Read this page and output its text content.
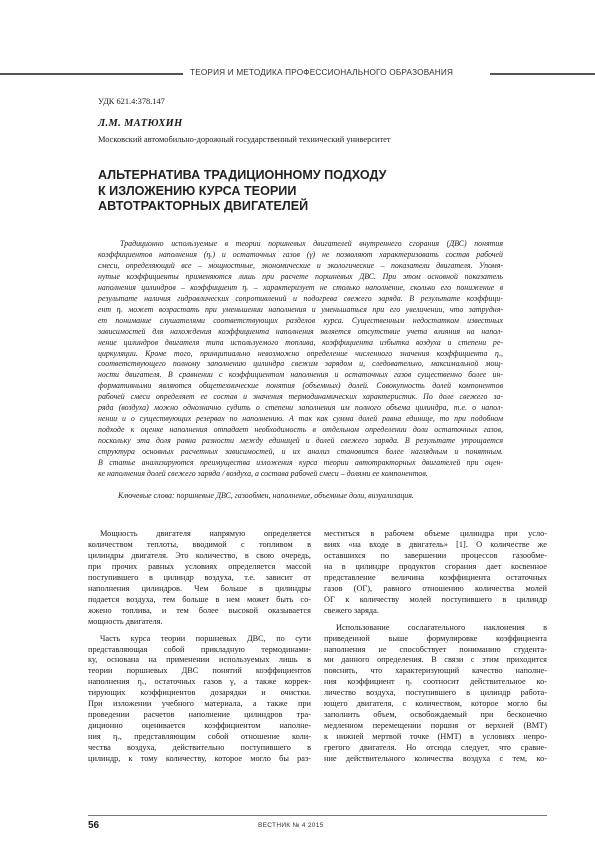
ТЕОРИЯ И МЕТОДИКА ПРОФЕССИОНАЛЬНОГО ОБРАЗОВАНИЯ
УДК 621.4:378.147
Л.М. МАТЮХИН
Московский автомобильно-дорожный государственный технический университет
АЛЬТЕРНАТИВА ТРАДИЦИОННОМУ ПОДХОДУ
К ИЗЛОЖЕНИЮ КУРСА ТЕОРИИ
АВТОТРАКТОРНЫХ ДВИГАТЕЛЕЙ
Традиционно используемые в теории поршневых двигателей внутреннего сгорания (ДВС) понятия
коэффициентов наполнения (ηᵥ) и остаточных газов (γ) не позволяют характеризовать состав рабочей
смеси, определяющий все – мощностные, экономические и экологические – показатели двигателя. Упомя-
нутые коэффициенты применяются лишь при расчете поршневых ДВС. При этом основной показатель
наполнения цилиндров – коэффициент ηᵥ – характеризует не столько наполнение, сколько его понижение в
результате наличия гидравлических сопротивлений и подогрева свежего заряда. В результате коэффици-
ент ηᵥ может возрастать при уменьшении наполнения и уменьшаться при его увеличении, что затрудня-
ет понимание слушателями соответствующих разделов курса. Существенным недостатком известных
зависимостей для нахождения коэффициента наполнения является отсутствие учета влияния на напол-
нение цилиндров двигателя типа используемого топлива, коэффициента избытка воздуха и степени ре-
циркуляции. Кроме того, принципиально невозможно определение численного значения коэффициента ηᵥ,
соответствующего полному заполнению цилиндра свежим зарядом и, следовательно, максимальной мощ-
ности двигателя. В сравнении с коэффициентом наполнения и остаточных газов существенно более ин-
формативными являются общетехнические понятия (объемных) долей. Совокупность долей компонентов
рабочей смеси определяет ее состав и значения термодинамических характеристик. По доле свежего за-
ряда (воздуха) можно однозначно судить о степени заполнения им полного объема цилиндра, т.е. о напол-
нении и о существующих резервах по наполнению. А так как сумма долей равна единице, то при подобном
подходе к оценке наполнения отпадает необходимость в отдельном определении доли остаточных газов,
поскольку эта доля равна разности между единицей и долей свежего заряда. В результате упрощается
структура основных расчетных зависимостей, и их анализ становится более наглядным и понятным.
В статье анализируются преимущества изложения курса теории автотракторных двигателей при оцен-
ке наполнения долей свежего заряда / воздуха, а состава рабочей смеси – долями ее компонентов.
Ключевые слова: поршневые ДВС, газообмен, наполнение, объемные доли, визуализация.
Мощность двигателя напрямую определяется
количеством теплоты, вводимой с топливом в
цилиндры двигателя. Это количество, в свою очередь,
при прочих равных условиях определяется массой
поступившего в цилиндр воздуха, т.е. зависит от
наполнения цилиндров. Чем больше в цилиндры
подается воздуха, тем больше в нем может быть со-
жжено топлива, и тем более высокой оказывается
мощность двигателя.
Часть курса теории поршневых ДВС, по сути
представляющая собой прикладную термодинами-
ку, основана на применении используемых лишь в
теории поршневых ДВС понятий коэффициентов
наполнения ηᵥ, остаточных газов γ, а также коррек-
тирующих коэффициентов дозарядки и очистки.
При изложении учебного материала, а также при
проведении расчетов наполнение цилиндров тра-
диционно оценивается коэффициентом наполне-
ния ηᵥ, представляющим собой отношение коли-
чества воздуха, действительно поступившего в
цилиндр, к тому количеству, которое могло бы раз-
меститься в рабочем объеме цилиндра при усло-
виях «на входе в двигатель» [1]. О количестве же
оставшихся по завершении процессов газообме-
на в цилиндре продуктов сгорания дает косвенное
представление величина коэффициента остаточных
газов (ОГ), равного отношению количества молей
ОГ к количеству молей поступившего в цилиндр
свежего заряда.
Использование сослагательного наклонения в
приведенной выше формулировке коэффициента
наполнения не способствует пониманию студента-
ми данного определения. В связи с этим приходится
пояснять, что характеризующий качество наполне-
ния коэффициент ηᵥ соотносит действительное ко-
личество воздуха, поступившего в цилиндр работа-
ющего двигателя, с количеством, которое могло бы
заполнить объем, освобождаемый при бесконечно
медленном перемещении поршня от верхней (ВМТ)
к нижней мертвой точке (НМТ) в условиях непро-
грегого двигателя. Но отсюда следует, что сравне-
ние действительного количества воздуха с тем, ко-
56	ВЕСТНИК № 4 2015
